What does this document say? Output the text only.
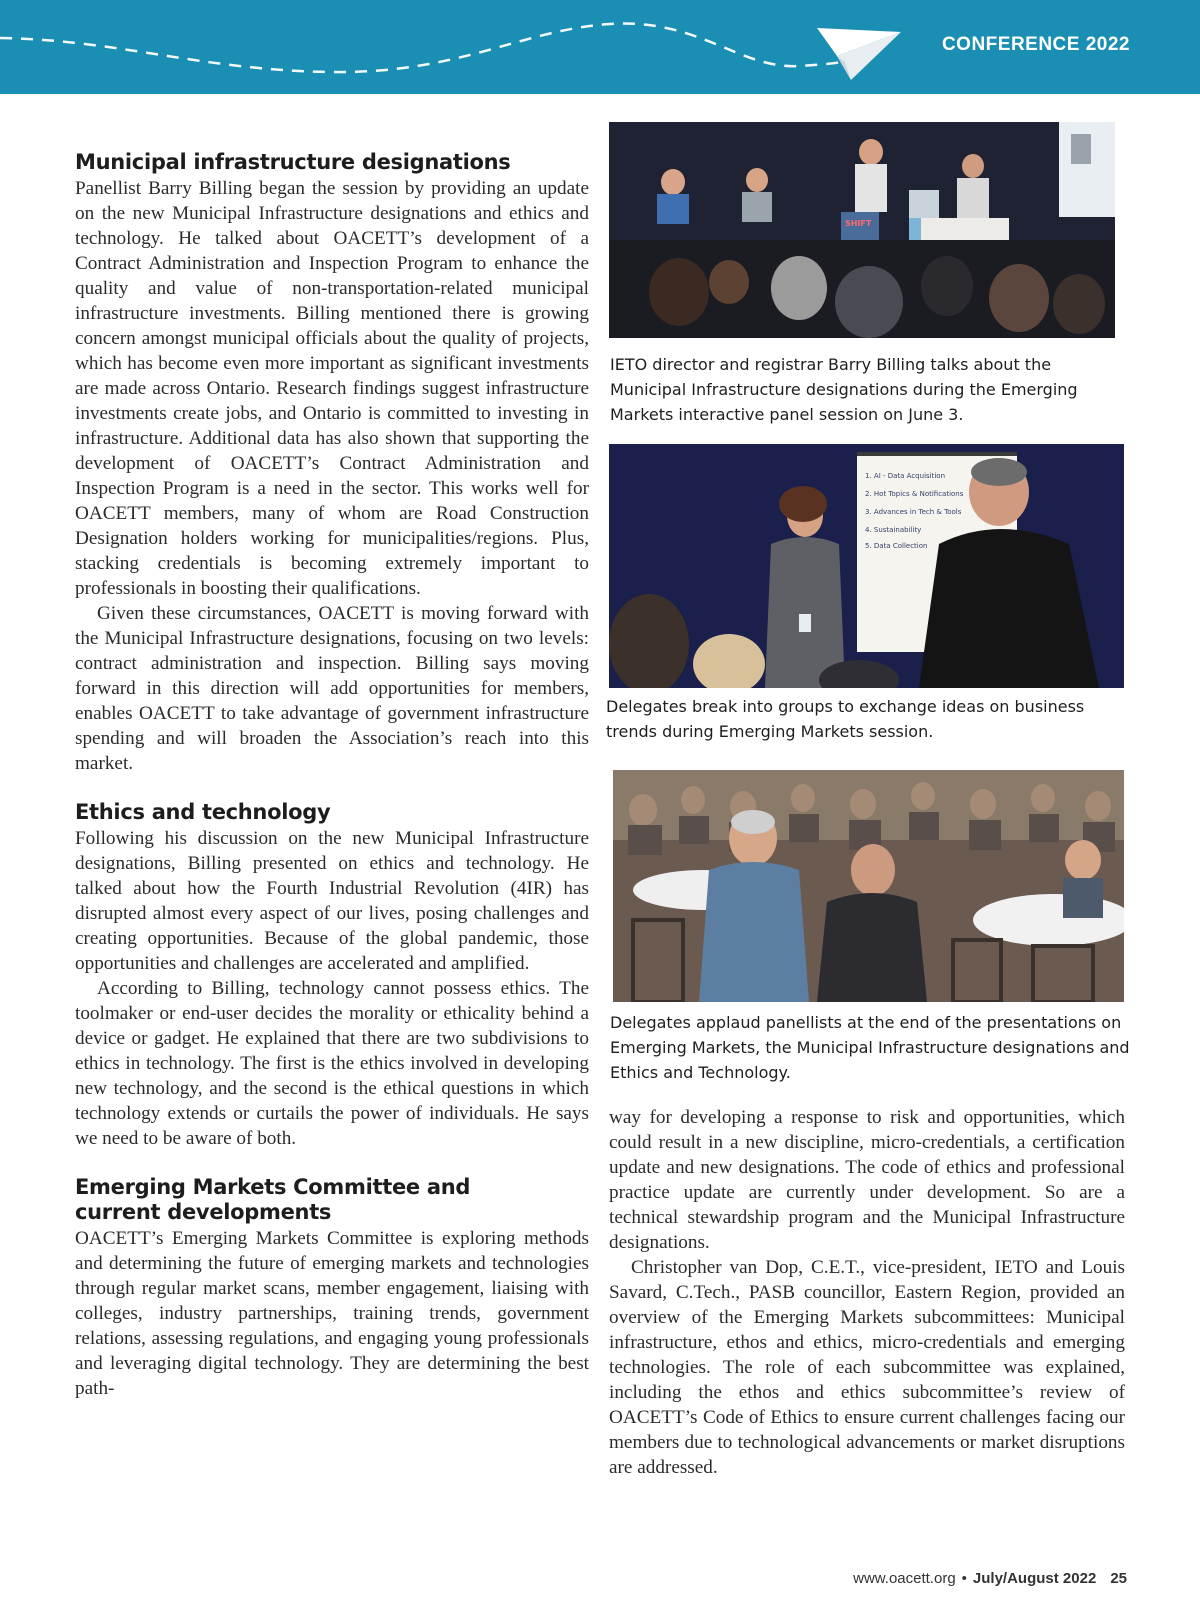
CONFERENCE 2022
Municipal infrastructure designations

Panellist Barry Billing began the session by providing an update on the new Municipal Infrastructure designations and ethics and technology. He talked about OACETT’s development of a Contract Administration and Inspection Program to enhance the quality and value of non-transportation-related municipal infrastructure investments. Billing mentioned there is growing concern amongst municipal officials about the quality of projects, which has become even more important as significant investments are made across Ontario. Research findings suggest infrastructure investments create jobs, and Ontario is committed to investing in infrastructure. Additional data has also shown that supporting the development of OACETT’s Contract Administration and Inspection Program is a need in the sector. This works well for OACETT members, many of whom are Road Construction Designation holders working for municipalities/regions. Plus, stacking credentials is becoming extremely important to professionals in boosting their qualifications.

Given these circumstances, OACETT is moving forward with the Municipal Infrastructure designations, focusing on two levels: contract administration and inspection. Billing says moving forward in this direction will add opportunities for members, enables OACETT to take advantage of government infrastructure spending and will broaden the Association’s reach into this market.

Ethics and technology

Following his discussion on the new Municipal Infrastructure designations, Billing presented on ethics and technology. He talked about how the Fourth Industrial Revolution (4IR) has disrupted almost every aspect of our lives, posing challenges and creating opportunities. Because of the global pandemic, those opportunities and challenges are accelerated and amplified.

According to Billing, technology cannot possess ethics. The toolmaker or end-user decides the morality or ethicality behind a device or gadget. He explained that there are two subdivisions to ethics in technology. The first is the ethics involved in developing new technology, and the second is the ethical questions in which technology extends or curtails the power of individuals. He says we need to be aware of both.

Emerging Markets Committee and current developments

OACETT’s Emerging Markets Committee is exploring methods and determining the future of emerging markets and technologies through regular market scans, member engagement, liaising with colleges, industry partnerships, training trends, government relations, assessing regulations, and engaging young professionals and leveraging digital technology. They are determining the best path-

SHIFT
IETO director and registrar Barry Billing talks about the Municipal Infrastructure designations during the Emerging Markets interactive panel session on June 3.
1. AI - Data Acquisition
2. Hot Topics & Notifications
3. Advances in Tech & Tools
4. Sustainability
5. Data Collection
Delegates break into groups to exchange ideas on business trends during Emerging Markets session.
Delegates applaud panellists at the end of the presentations on Emerging Markets, the Municipal Infrastructure designations and Ethics and Technology.

way for developing a response to risk and opportunities, which could result in a new discipline, micro-credentials, a certification update and new designations. The code of ethics and professional practice update are currently under development. So are a technical stewardship program and the Municipal Infrastructure designations.

Christopher van Dop, C.E.T., vice-president, IETO and Louis Savard, C.Tech., PASB councillor, Eastern Region, provided an overview of the Emerging Markets subcommittees: Municipal infrastructure, ethos and ethics, micro-credentials and emerging technologies. The role of each subcommittee was explained, including the ethos and ethics subcommittee’s review of OACETT’s Code of Ethics to ensure current challenges facing our members due to technological advancements or market disruptions are addressed.

www.oacett.org • July/August 2022 25
